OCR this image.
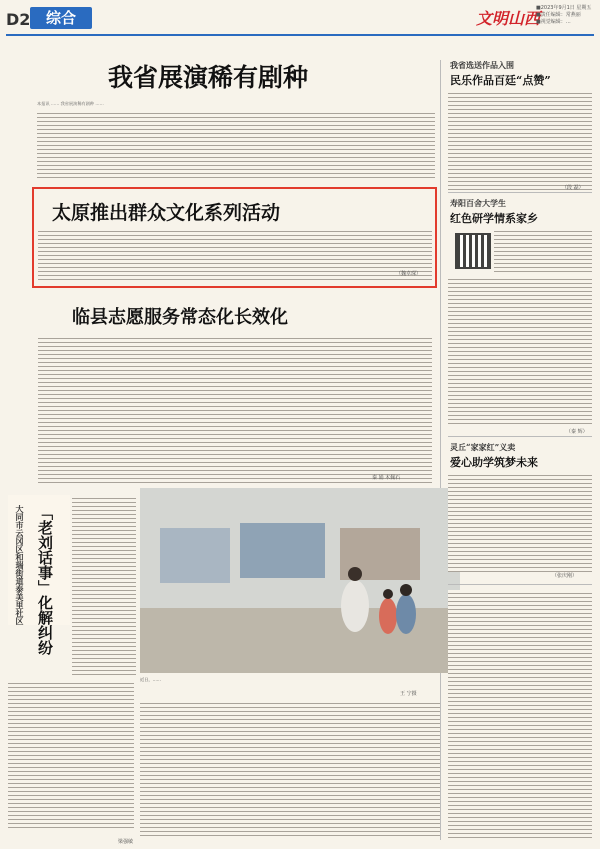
D2	综合	文明山西
■2023年9月1日 星期五
■责任编辑：常燕丽
■视觉编辑：…
我省展演稀有剧种

本报讯 …… 我省展演稀有剧种 ……

太原推出群众文化系列活动
（魏卓琛）
临县志愿服务常态化长效化
秦 娟 木佩石
大同市云冈区和瑞街道泰美里社区 「老刘话事」化解纠纷
梁强敏

近日，……

王 宁摄
我省选送作品入围
民乐作品百廷“点赞”
（段 磊）
寿阳百舍大学生
红色研学情系家乡
（秦 辉）
灵丘“家家红”义卖
爱心助学筑梦未来
（张庆刚）
